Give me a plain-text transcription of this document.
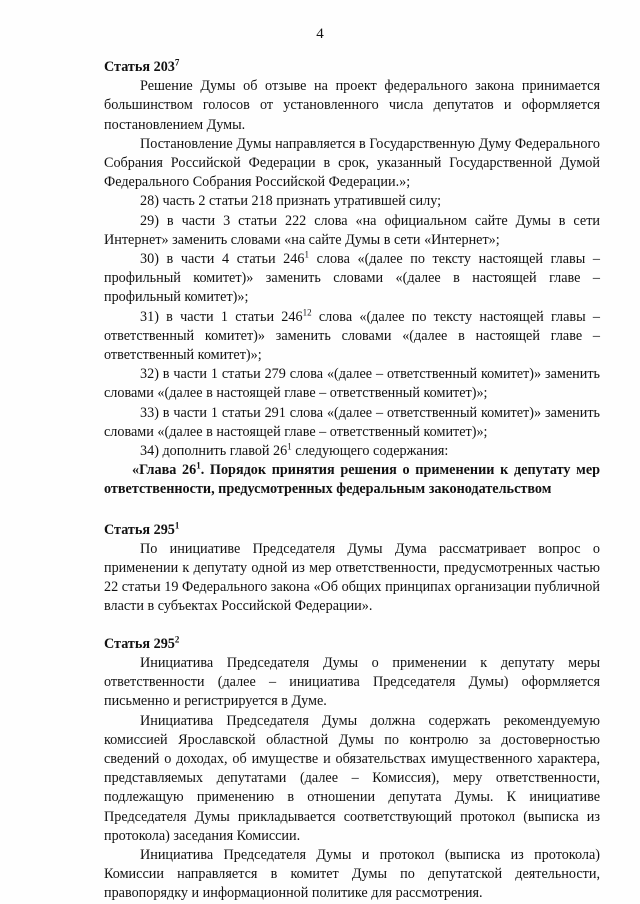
4

Статья $203^7$

Решение Думы об отзыве на проект федерального закона принимается большинством голосов от установленного числа депутатов и оформляется постановлением Думы.

Постановление Думы направляется в Государственную Думу Федерального Собрания Российской Федерации в срок, указанный Государственной Думой Федерального Собрания Российской Федерации.»;

28) часть 2 статьи 218 признать утратившей силу;

29) в части 3 статьи 222 слова «на официальном сайте Думы в сети Интернет» заменить словами «на сайте Думы в сети «Интернет»;

30) в части 4 статьи $246^1$ слова «(далее по тексту настоящей главы – профильный комитет)» заменить словами «(далее в настоящей главе – профильный комитет)»;

31) в части 1 статьи $246^{12}$ слова «(далее по тексту настоящей главы – ответственный комитет)» заменить словами «(далее в настоящей главе – ответственный комитет)»;

32) в части 1 статьи 279 слова «(далее – ответственный комитет)» заменить словами «(далее в настоящей главе – ответственный комитет)»;

33) в части 1 статьи 291 слова «(далее – ответственный комитет)» заменить словами «(далее в настоящей главе – ответственный комитет)»;

34) дополнить главой $26^1$ следующего содержания:

«Глава $26^1$. Порядок принятия решения о применении к депутату мер ответственности, предусмотренных федеральным законодательством

Статья $295^1$

По инициативе Председателя Думы Дума рассматривает вопрос о применении к депутату одной из мер ответственности, предусмотренных частью 22 статьи 19 Федерального закона «Об общих принципах организации публичной власти в субъектах Российской Федерации».

Статья $295^2$

Инициатива Председателя Думы о применении к депутату меры ответственности (далее – инициатива Председателя Думы) оформляется письменно и регистрируется в Думе.

Инициатива Председателя Думы должна содержать рекомендуемую комиссией Ярославской областной Думы по контролю за достоверностью сведений о доходах, об имуществе и обязательствах имущественного характера, представляемых депутатами (далее – Комиссия), меру ответственности, подлежащую применению в отношении депутата Думы. К инициативе Председателя Думы прикладывается соответствующий протокол (выписка из протокола) заседания Комиссии.

Инициатива Председателя Думы и протокол (выписка из протокола) Комиссии направляется в комитет Думы по депутатской деятельности, правопорядку и информационной политике для рассмотрения.
